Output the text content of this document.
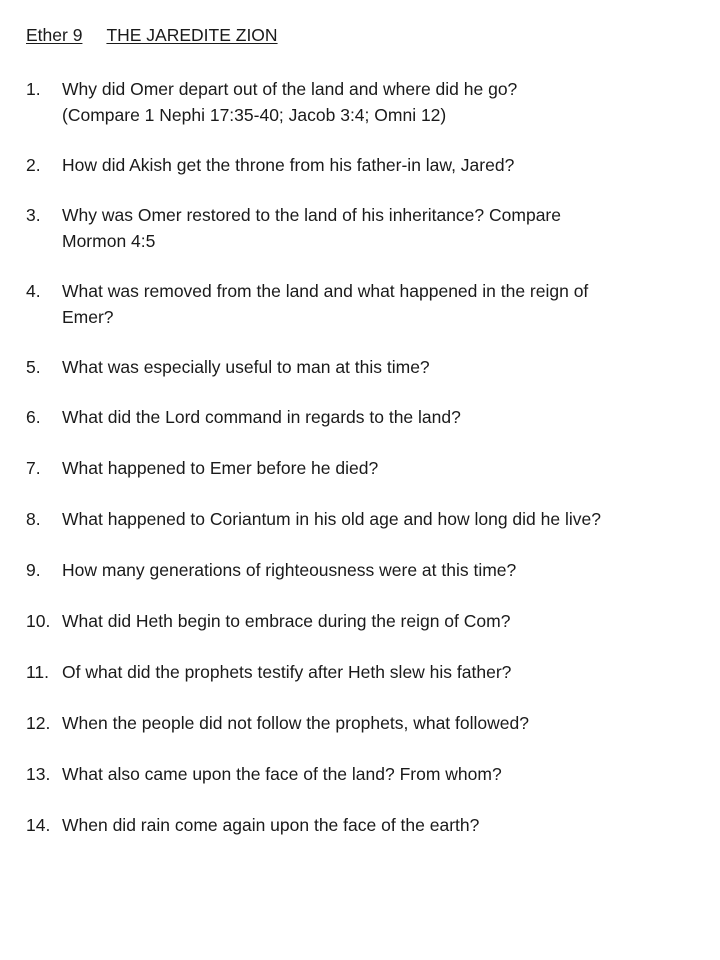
Ether 9 THE JAREDITE ZION
1.	Why did Omer depart out of the land and where did he go?
(Compare 1 Nephi 17:35-40; Jacob 3:4; Omni 12)
2.	How did Akish get the throne from his father-in law, Jared?
3.	Why was Omer restored to the land of his inheritance? Compare
Mormon 4:5
4.	What was removed from the land and what happened in the reign of
Emer?
5.	What was especially useful to man at this time?
6.	What did the Lord command in regards to the land?
7.	What happened to Emer before he died?
8.	What happened to Coriantum in his old age and how long did he live?
9.	How many generations of righteousness were at this time?
10. What did Heth begin to embrace during the reign of Com?
11. Of what did the prophets testify after Heth slew his father?
12. When the people did not follow the prophets, what followed?
13. What also came upon the face of the land? From whom?
14. When did rain come again upon the face of the earth?
